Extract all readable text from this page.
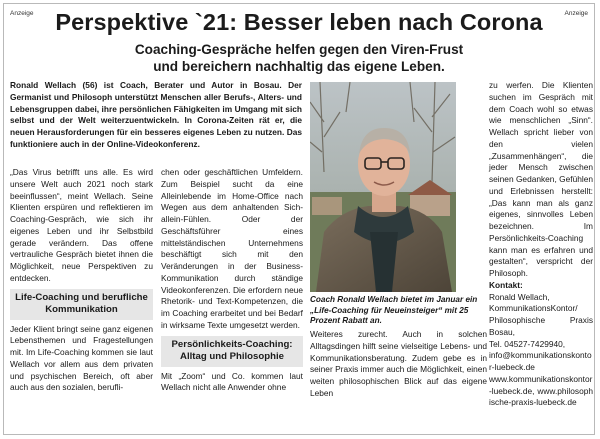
Anzeige	Anzeige
Perspektive `21: Besser leben nach Corona
Coaching-Gespräche helfen gegen den Viren-Frust
und bereichern nachhaltig das eigene Leben.
Ronald Wellach (56) ist Coach, Berater und Autor in Bosau. Der Germanist und Philosoph unterstützt Menschen aller Berufs-, Alters- und Lebensgruppen dabei, ihre persönlichen Fähigkeiten im Umgang mit sich selbst und der Welt weiterzuentwickeln. In Corona-Zeiten rät er, die neuen Herausforderungen für ein besseres eigenes Leben zu nutzen. Das funktioniere auch in der Online-Videokonferenz.

„Das Virus betrifft uns alle. Es wird unsere Welt auch 2021 noch stark beeinflussen“, meint Wellach. Seine Klienten erspüren und reflektieren im Coaching-Gespräch, wie sich ihr eigenes Leben und ihr Selbstbild gerade verändern. Das offene vertrauliche Gespräch bietet ihnen die Möglichkeit, neue Perspektiven zu entdecken.

Life-Coaching und berufliche Kommunikation

Jeder Klient bringt seine ganz eigenen Lebensthemen und Fragestellungen mit. Im Life-Coaching kommen sie laut Wellach vor allem aus dem privaten und psychischen Bereich, oft aber auch aus den sozialen, berufli-

chen oder geschäftlichen Umfeldern. Zum Beispiel sucht da eine Alleinlebende im Home-Office nach Wegen aus dem anhaltenden Sich-allein-Fühlen. Oder der Geschäftsführer eines mittelständischen Unternehmens beschäftigt sich mit den Veränderungen in der Business-Kommunikation durch ständige Videokonferenzen. Die erfordern neue Rhetorik- und Text-Kompetenzen, die im Coaching erarbeitet und bei Bedarf in wirksame Texte umgesetzt werden.

Persönlichkeits-Coaching: Alltag und Philosophie

Mit „Zoom“ und Co. kommen laut Wellach nicht alle Anwender ohne

Coach Ronald Wellach bietet im Januar ein „Life-Coaching für Neueinsteiger“ mit 25 Prozent Rabatt an.
Weiteres zurecht. Auch in solchen Alltagsdingen hilft seine vielseitige Lebens- und Kommunikationsberatung. Zudem gebe es in seiner Praxis immer auch die Möglichkeit, einen weiten philosophischen Blick auf das eigene Leben

zu werfen. Die Klienten suchen im Gespräch mit dem Coach wohl so etwas wie menschlichen „Sinn“. Wellach spricht lieber von den vielen „Zusammenhängen“, die jeder Mensch zwischen seinen Gedanken, Gefühlen und Erlebnissen herstellt: „Das kann man als ganz eigenes, sinnvolles Leben bezeichnen. Im Persönlichkeits-Coaching kann man es erfahren und gestalten“, verspricht der Philosoph.

Kontakt:

Ronald Wellach,

KommunikationsKontor/

Philosophische Praxis Bosau,

Tel. 04527-7429940,

info@kommunikationskontor-luebeck.de

www.kommunikationskontor-luebeck.de, www.philosophische-praxis-luebeck.de
